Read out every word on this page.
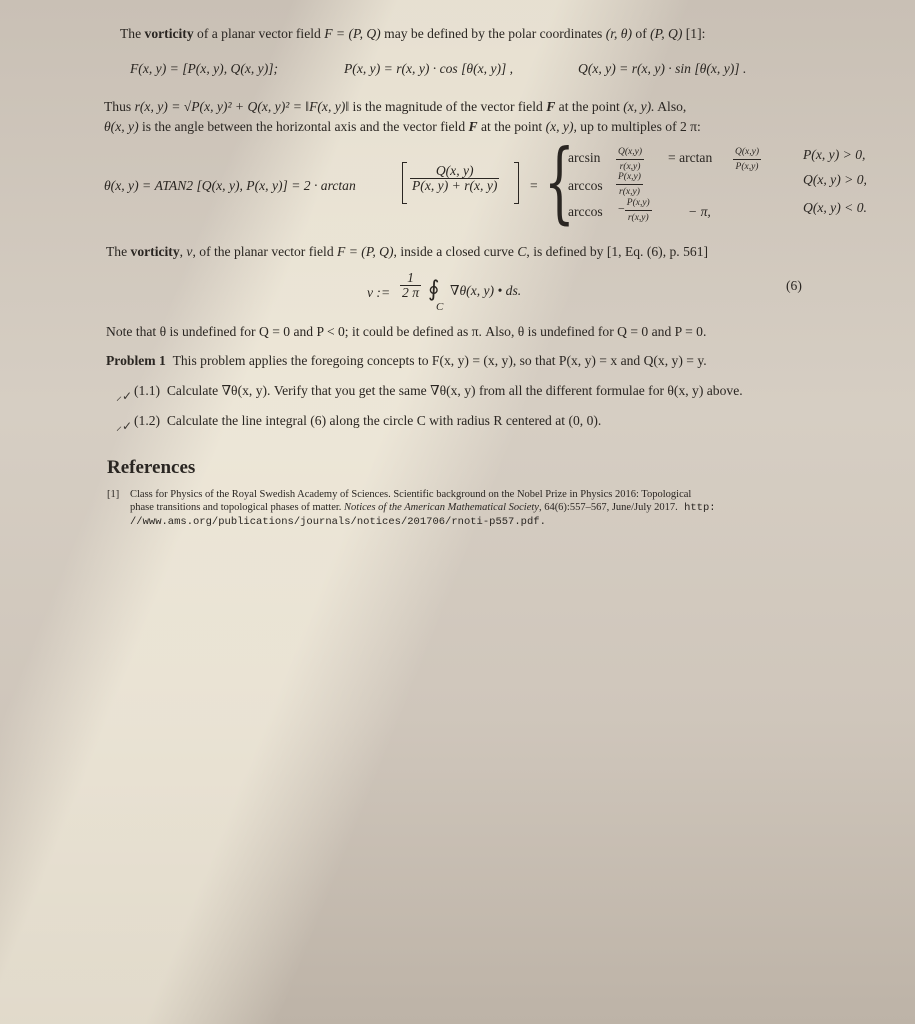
The vorticity of a planar vector field F = (P, Q) may be defined by the polar coordinates (r, θ) of (P, Q) [1]:
F(x, y) = [P(x, y), Q(x, y)];	P(x, y) = r(x, y) · cos [θ(x, y)] ,	Q(x, y) = r(x, y) · sin [θ(x, y)] .
Thus r(x, y) = √P(x, y)² + Q(x, y)² = ‖F(x, y)‖ is the magnitude of the vector field F at the point (x, y). Also,
θ(x, y) is the angle between the horizontal axis and the vector field F at the point (x, y), up to multiples of 2 π:
θ(x, y) = ATAN2 [Q(x, y), P(x, y)] = 2 · arctan	$\frac{Q(x, y)}{P(x, y) + r(x, y)}$ = {
$\arcsin \frac{Q(x,y)}{r(x,y)} = \arctan \frac{Q(x,y)}{P(x,y)}$	P(x, y) > 0,
$\arccos \frac{P(x,y)}{r(x,y)}$	Q(x, y) > 0,
$\arccos - \frac{P(x,y)}{r(x,y)}$	− π,	Q(x, y) < 0.
The vorticity, v, of the planar vector field F = (P, Q), inside a closed curve C, is defined by [1, Eq. (6), p. 561]
v := $\frac{1}{2 \pi}$ ∮
C
∇θ(x, y) • ds.	(6)
Note that θ is undefined for Q = 0 and P < 0; it could be defined as π. Also, θ is undefined for Q = 0 and P = 0.
Problem 1 This problem applies the foregoing concepts to F(x, y) = (x, y), so that P(x, y) = x and Q(x, y) = y.
⸝✓ (1.1) Calculate ∇θ(x, y). Verify that you get the same ∇θ(x, y) from all the different formulae for θ(x, y) above.
⸝✓ (1.2) Calculate the line integral (6) along the circle C with radius R centered at (0, 0).
References
[1] Class for Physics of the Royal Swedish Academy of Sciences. Scientific background on the Nobel Prize in Physics 2016: Topological
phase transitions and topological phases of matter. Notices of the American Mathematical Society, 64(6):557–567, June/July 2017. http:
//www.ams.org/publications/journals/notices/201706/rnoti-p557.pdf.
